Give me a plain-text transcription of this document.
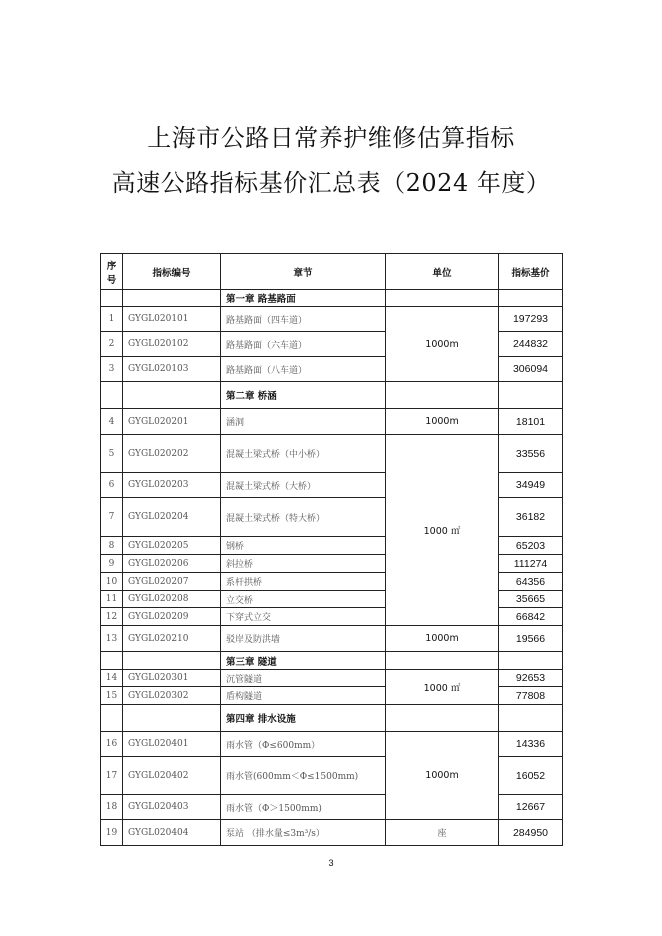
上海市公路日常养护维修估算指标
高速公路指标基价汇总表（2024 年度）
序号	指标编号	章节	单位	指标基价
		第一章 路基路面		
1	GYGL020101	路基路面（四车道）	1000m	197293
2	GYGL020102	路基路面（六车道）		244832
3	GYGL020103	路基路面（八车道）		306094
		第二章 桥涵		
4	GYGL020201	涵洞	1000m	18101
5	GYGL020202	混凝土梁式桥（中小桥）	1000 ㎡	33556
6	GYGL020203	混凝土梁式桥（大桥）		34949
7	GYGL020204	混凝土梁式桥（特大桥）		36182
8	GYGL020205	钢桥		65203
9	GYGL020206	斜拉桥		111274
10	GYGL020207	系杆拱桥		64356
11	GYGL020208	立交桥		35665
12	GYGL020209	下穿式立交		66842
13	GYGL020210	驳岸及防洪墙	1000m	19566
		第三章 隧道		
14	GYGL020301	沉管隧道	1000 ㎡	92653
15	GYGL020302	盾构隧道		77808
		第四章 排水设施		
16	GYGL020401	雨水管（Φ≤600mm）	1000m	14336
17	GYGL020402	雨水管(600mm＜Φ≤1500mm)		16052
18	GYGL020403	雨水管（Φ＞1500mm)		12667
19	GYGL020404	泵站 （排水量≤3m³/s）	座	284950
3
